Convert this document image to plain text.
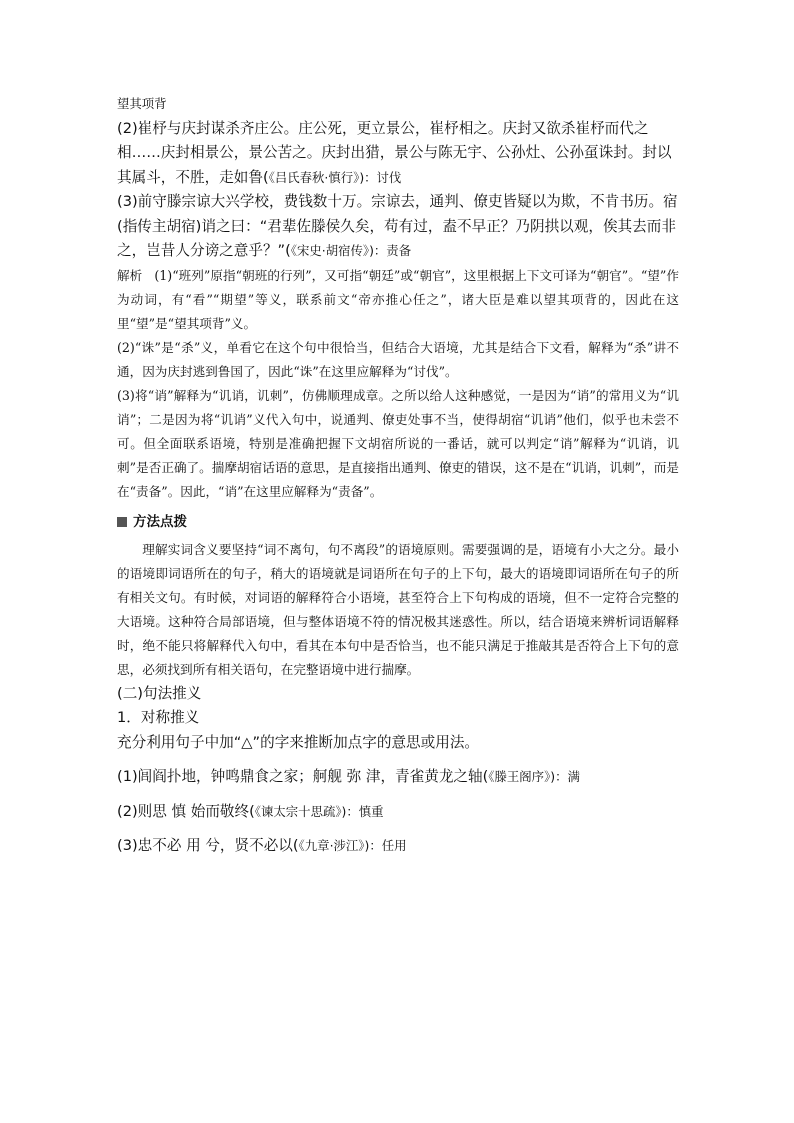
望其项背

(2)崔杼与庆封谋杀齐庄公。庄公死，更立景公，崔杼相之。庆封又欲杀崔杼而代之相……庆封相景公，景公苦之。庆封出猎，景公与陈无宇、公孙灶、公孙虿诛封。封以其属斗，不胜，走如鲁(《吕氏春秋·慎行》)：讨伐

(3)前守滕宗谅大兴学校，费钱数十万。宗谅去，通判、僚吏皆疑以为欺，不肯书历。宿(指传主胡宿)诮之曰：“君辈佐滕侯久矣，苟有过，盍不早正？乃阴拱以观，俟其去而非之，岂昔人分谤之意乎？”(《宋史·胡宿传》)：责备

解析 (1)“班列”原指“朝班的行列”，又可指“朝廷”或“朝官”，这里根据上下文可译为“朝官”。“望”作为动词，有“看”“期望”等义，联系前文“帝亦推心任之”，诸大臣是难以望其项背的，因此在这里“望”是“望其项背”义。

(2)“诛”是“杀”义，单看它在这个句中很恰当，但结合大语境，尤其是结合下文看，解释为“杀”讲不通，因为庆封逃到鲁国了，因此“诛”在这里应解释为“讨伐”。

(3)将“诮”解释为“讥诮，讥刺”，仿佛顺理成章。之所以给人这种感觉，一是因为“诮”的常用义为“讥诮”；二是因为将“讥诮”义代入句中，说通判、僚吏处事不当，使得胡宿“讥诮”他们，似乎也未尝不可。但全面联系语境，特别是准确把握下文胡宿所说的一番话，就可以判定“诮”解释为“讥诮，讥刺”是否正确了。揣摩胡宿话语的意思，是直接指出通判、僚吏的错误，这不是在“讥诮，讥刺”，而是在“责备”。因此，“诮”在这里应解释为“责备”。

方法点拨

理解实词含义要坚持“词不离句，句不离段”的语境原则。需要强调的是，语境有小大之分。最小的语境即词语所在的句子，稍大的语境就是词语所在句子的上下句，最大的语境即词语所在句子的所有相关文句。有时候，对词语的解释符合小语境，甚至符合上下句构成的语境，但不一定符合完整的大语境。这种符合局部语境，但与整体语境不符的情况极其迷惑性。所以，结合语境来辨析词语解释时，绝不能只将解释代入句中，看其在本句中是否恰当，也不能只满足于推敲其是否符合上下句的意思，必须找到所有相关语句，在完整语境中进行揣摩。

(二)句法推义

1．对称推义

充分利用句子中加“△”的字来推断加点字的意思或用法。

(1)闾阎扑地，钟鸣鼎食之家；舸舰 弥 津，青雀黄龙之轴(《滕王阁序》)：满

(2)则思 慎 始而敬终(《谏太宗十思疏》)：慎重

(3)忠不必 用 兮，贤不必以(《九章·涉江》)：任用
